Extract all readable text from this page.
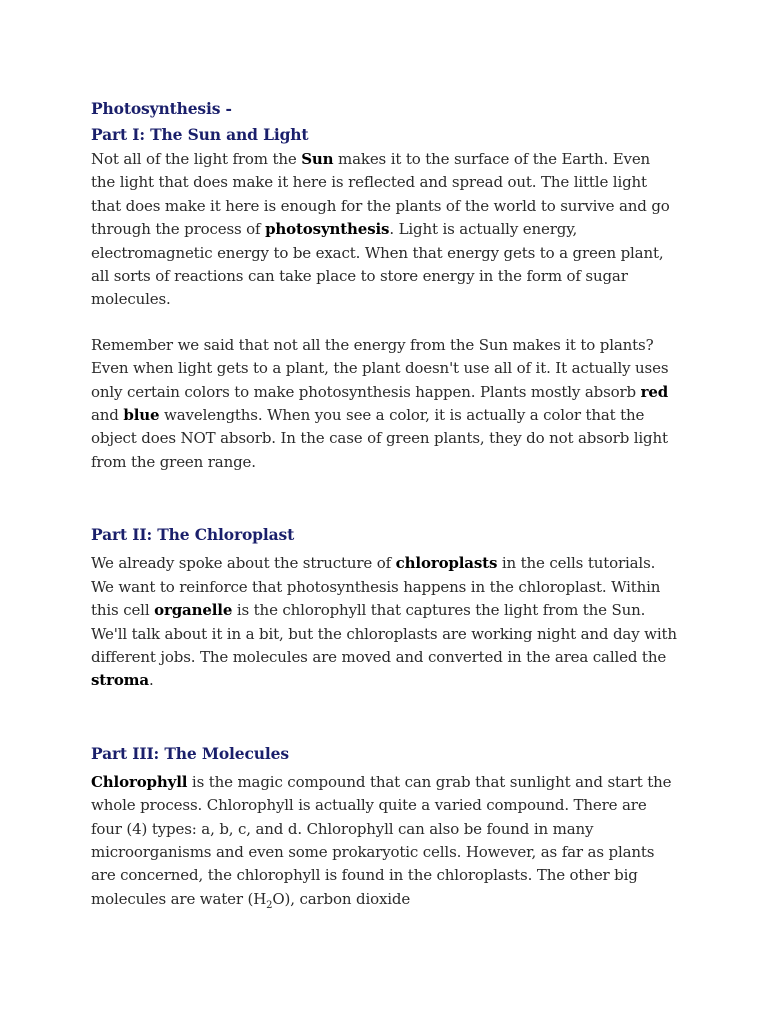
Photosynthesis -

Part I: The Sun and Light

Not all of the light from the Sun makes it to the surface of the Earth. Even the light that does make it here is reflected and spread out. The little light that does make it here is enough for the plants of the world to survive and go through the process of photosynthesis. Light is actually energy, electromagnetic energy to be exact. When that energy gets to a green plant, all sorts of reactions can take place to store energy in the form of sugar molecules.

Remember we said that not all the energy from the Sun makes it to plants? Even when light gets to a plant, the plant doesn't use all of it. It actually uses only certain colors to make photosynthesis happen. Plants mostly absorb red and blue wavelengths. When you see a color, it is actually a color that the object does NOT absorb. In the case of green plants, they do not absorb light from the green range.

Part II: The Chloroplast

We already spoke about the structure of chloroplasts in the cells tutorials. We want to reinforce that photosynthesis happens in the chloroplast. Within this cell organelle is the chlorophyll that captures the light from the Sun. We'll talk about it in a bit, but the chloroplasts are working night and day with different jobs. The molecules are moved and converted in the area called the stroma.

Part III: The Molecules

Chlorophyll is the magic compound that can grab that sunlight and start the whole process. Chlorophyll is actually quite a varied compound. There are four (4) types: a, b, c, and d. Chlorophyll can also be found in many microorganisms and even some prokaryotic cells. However, as far as plants are concerned, the chlorophyll is found in the chloroplasts. The other big molecules are water $(H_2O)$, carbon dioxide
